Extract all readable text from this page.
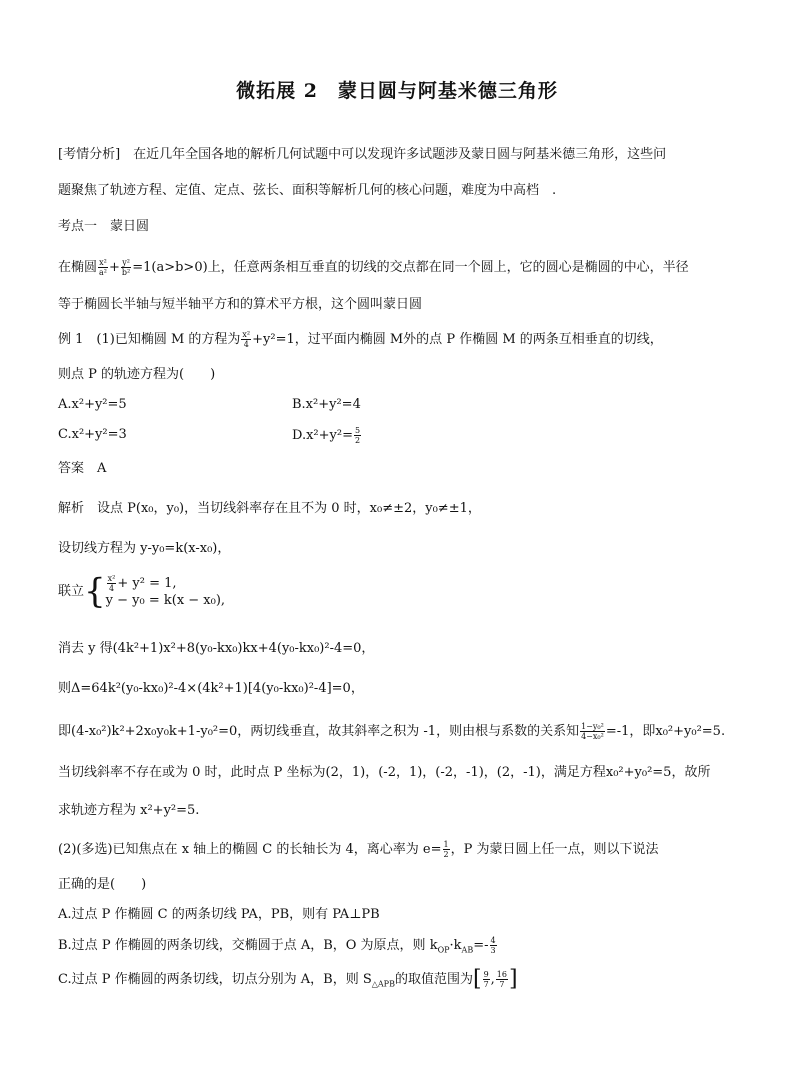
微拓展 2　蒙日圆与阿基米德三角形
[考情分析]　在近几年全国各地的解析几何试题中可以发现许多试题涉及蒙日圆与阿基米德三角形，这些问
题聚焦了轨迹方程、定值、定点、弦长、面积等解析几何的核心问题，难度为中高档　.
考点一　蒙日圆
在椭圆 $\frac{\text{x²}}{\text{a²}} + \frac{\text{y²}}{\text{b²}} =1(a>b>0)$上，任意两条相互垂直的切线的交点都在同一个圆上，它的圆心是椭圆的中心，半径
等于椭圆长半轴与短半轴平方和的算术平方根，这个圆叫蒙日圆
例 1　(1)已知椭圆 M 的方程为 $\frac{\text{x²}}{4} +y^2=1$，过平面内椭圆 M外的点 P 作椭圆 M 的两条互相垂直的切线，
则点 P 的轨迹方程为(　　)
A.x²+y²=5	B.x²+y²=4
C.x²+y²=3	$D.x^2+y^2= \frac{5}{2}$
答案　A
解析　设点 P(x₀，y₀)，当切线斜率存在且不为 0 时，x₀≠±2，y₀≠±1，
设切线方程为 y-y₀=k(x-x₀)，
联立{ $\frac{\text{x²}}{4} + y^2 = 1$,
y − y₀ = k(x − x₀),
消去 y 得(4k²+1)x²+8(y₀-kx₀)kx+4(y₀-kx₀)²-4=0，
则Δ=64k²(y₀-kx₀)²-4×(4k²+1)[4(y₀-kx₀)²-4]=0，
即(4-x₀²)k²+2x₀y₀k+1-y₀²=0，两切线垂直，故其斜率之积为 -1，则由根与系数的关系知 $\frac{\text{1−y₀²}}{\text{4−x₀²}} =-1$，即x₀²+y₀²=5.
当切线斜率不存在或为 0 时，此时点 P 坐标为(2，1)，(-2，1)，(-2，-1)，(2，-1)，满足方程x₀²+y₀²=5，故所
求轨迹方程为 x²+y²=5.
(2)(多选)已知焦点在 x 轴上的椭圆 C 的长轴长为 4，离心率为 $e= \frac{1}{2}$ ，P 为蒙日圆上任一点，则以下说法
正确的是(　　)
A.过点 P 作椭圆 C 的两条切线 PA，PB，则有 PA⊥PB
B.过点 P 作椭圆的两条切线，交椭圆于点 A，B，O 为原点，则 $k_{OP}\cdot k_{AB}=- \frac{4}{3}$
C.过点 P 作椭圆的两条切线，切点分别为 A，B，则 $S_{\triangle APB}$的取值范围为[ $\frac{9}{7}$ , $\frac{16}{7}$ ]
